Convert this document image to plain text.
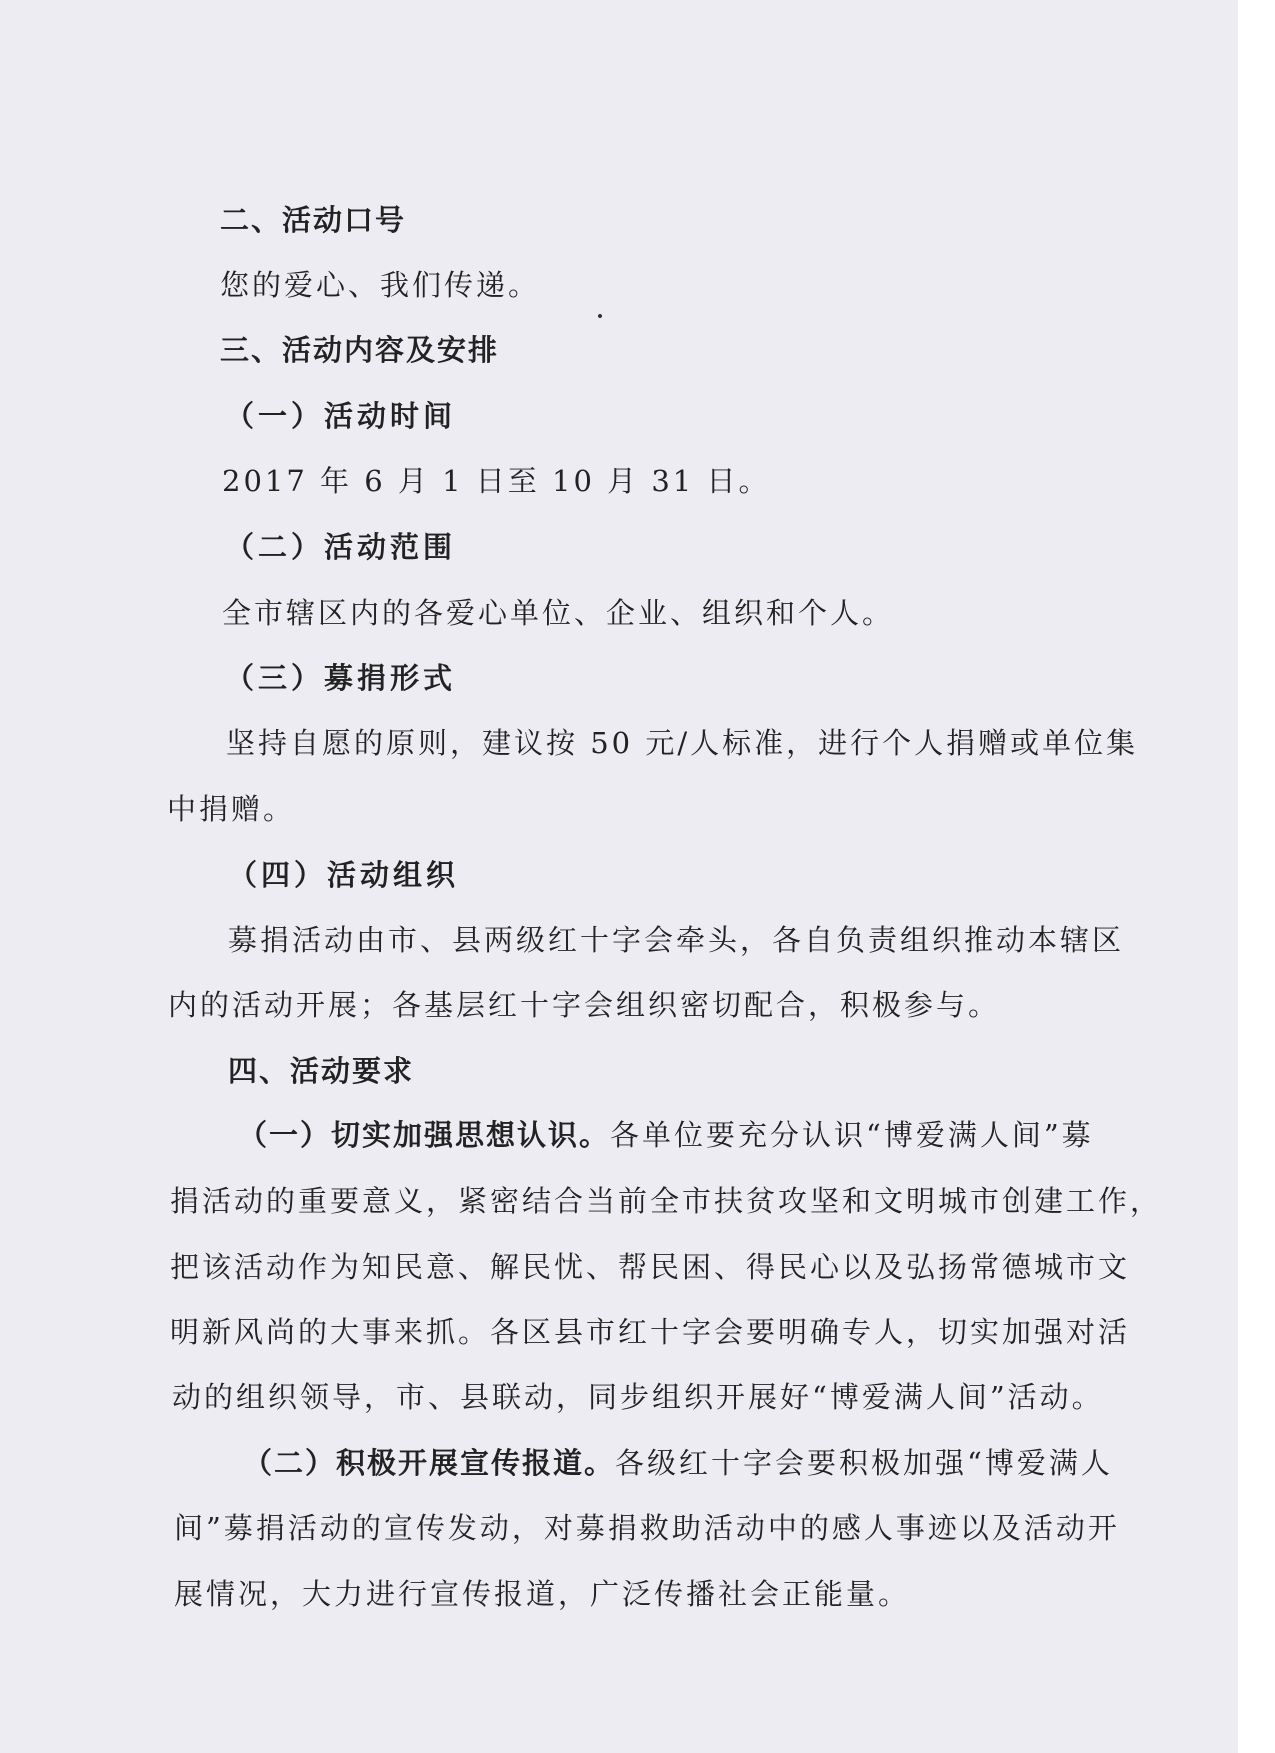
二、活动口号
您的爱心、我们传递。
三、活动内容及安排
（一）活动时间
2017 年 6 月 1 日至 10 月 31 日。
（二）活动范围
全市辖区内的各爱心单位、企业、组织和个人。
（三）募捐形式
坚持自愿的原则，建议按 50 元/人标准，进行个人捐赠或单位集
中捐赠。
（四）活动组织
募捐活动由市、县两级红十字会牵头，各自负责组织推动本辖区
内的活动开展；各基层红十字会组织密切配合，积极参与。
四、活动要求
（一）切实加强思想认识。各单位要充分认识“博爱满人间”募
捐活动的重要意义，紧密结合当前全市扶贫攻坚和文明城市创建工作，
把该活动作为知民意、解民忧、帮民困、得民心以及弘扬常德城市文
明新风尚的大事来抓。各区县市红十字会要明确专人，切实加强对活
动的组织领导，市、县联动，同步组织开展好“博爱满人间”活动。
（二）积极开展宣传报道。各级红十字会要积极加强“博爱满人
间”募捐活动的宣传发动，对募捐救助活动中的感人事迹以及活动开
展情况，大力进行宣传报道，广泛传播社会正能量。
